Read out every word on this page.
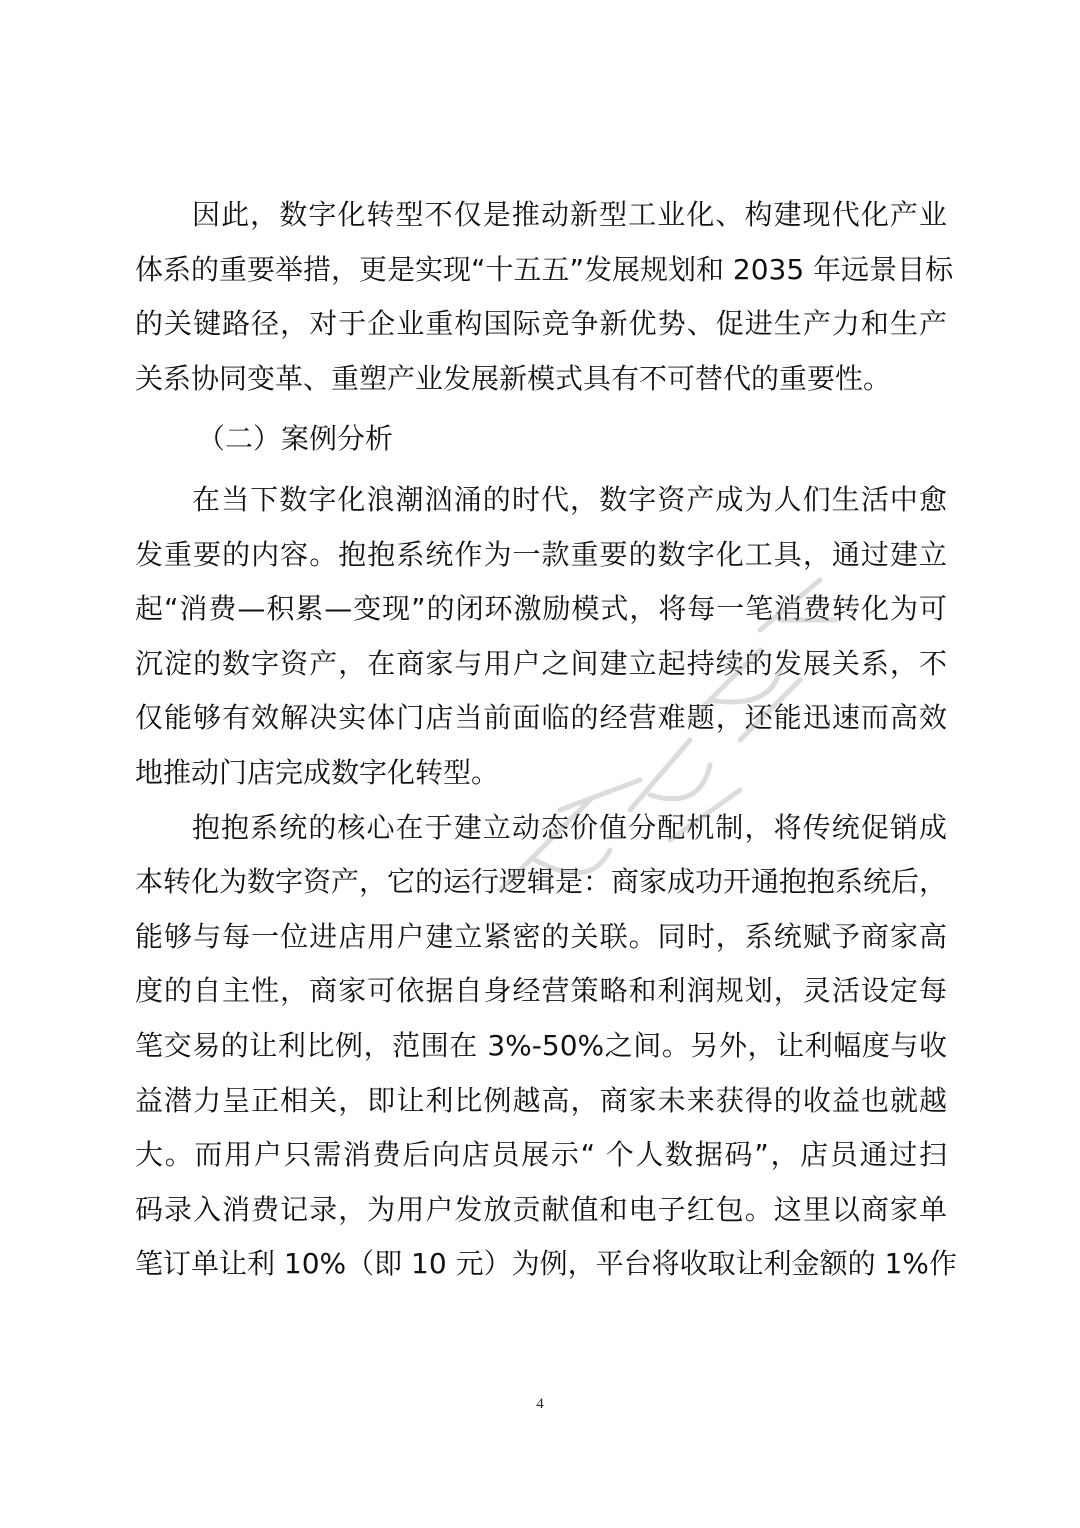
因此，数字化转型不仅是推动新型工业化、构建现代化产业
体系的重要举措，更是实现“十五五”发展规划和 2035 年远景目标
的关键路径，对于企业重构国际竞争新优势、促进生产力和生产
关系协同变革、重塑产业发展新模式具有不可替代的重要性。
（二）案例分析
在当下数字化浪潮汹涌的时代，数字资产成为人们生活中愈
发重要的内容。抱抱系统作为一款重要的数字化工具，通过建立
起“消费—积累—变现”的闭环激励模式，将每一笔消费转化为可
沉淀的数字资产，在商家与用户之间建立起持续的发展关系，不
仅能够有效解决实体门店当前面临的经营难题，还能迅速而高效
地推动门店完成数字化转型。
抱抱系统的核心在于建立动态价值分配机制，将传统促销成
本转化为数字资产，它的运行逻辑是：商家成功开通抱抱系统后，
能够与每一位进店用户建立紧密的关联。同时，系统赋予商家高
度的自主性，商家可依据自身经营策略和利润规划，灵活设定每
笔交易的让利比例，范围在 3%-50%之间。另外，让利幅度与收
益潜力呈正相关，即让利比例越高，商家未来获得的收益也就越
大。而用户只需消费后向店员展示“ 个人数据码”，店员通过扫
码录入消费记录，为用户发放贡献值和电子红包。这里以商家单
笔订单让利 10%（即 10 元）为例，平台将收取让利金额的 1%作
4
